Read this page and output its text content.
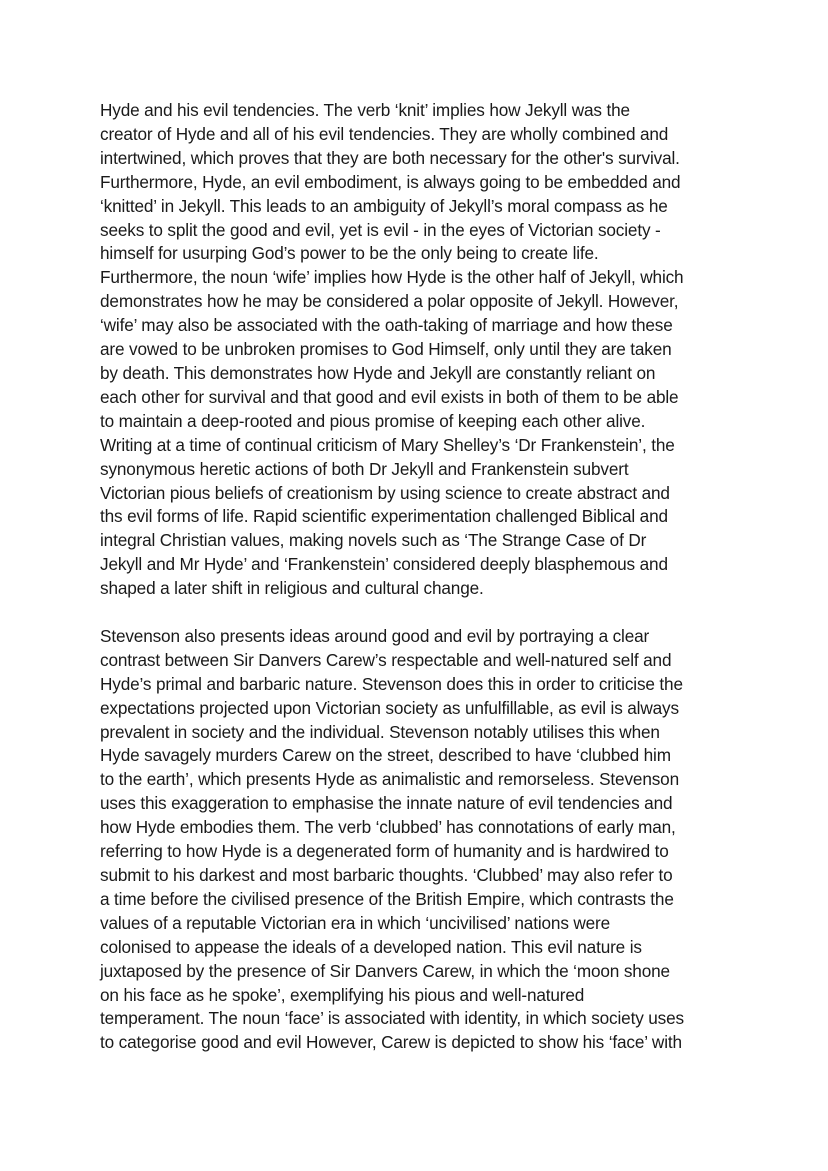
Hyde and his evil tendencies. The verb ‘knit’ implies how Jekyll was the
creator of Hyde and all of his evil tendencies. They are wholly combined and
intertwined, which proves that they are both necessary for the other's survival.
Furthermore, Hyde, an evil embodiment, is always going to be embedded and
‘knitted’ in Jekyll. This leads to an ambiguity of Jekyll’s moral compass as he
seeks to split the good and evil, yet is evil - in the eyes of Victorian society -
himself for usurping God’s power to be the only being to create life.
Furthermore, the noun ‘wife’ implies how Hyde is the other half of Jekyll, which
demonstrates how he may be considered a polar opposite of Jekyll. However,
‘wife’ may also be associated with the oath-taking of marriage and how these
are vowed to be unbroken promises to God Himself, only until they are taken
by death. This demonstrates how Hyde and Jekyll are constantly reliant on
each other for survival and that good and evil exists in both of them to be able
to maintain a deep-rooted and pious promise of keeping each other alive.
Writing at a time of continual criticism of Mary Shelley’s ‘Dr Frankenstein’, the
synonymous heretic actions of both Dr Jekyll and Frankenstein subvert
Victorian pious beliefs of creationism by using science to create abstract and
ths evil forms of life. Rapid scientific experimentation challenged Biblical and
integral Christian values, making novels such as ‘The Strange Case of Dr
Jekyll and Mr Hyde’ and ‘Frankenstein’ considered deeply blasphemous and
shaped a later shift in religious and cultural change.

Stevenson also presents ideas around good and evil by portraying a clear
contrast between Sir Danvers Carew’s respectable and well-natured self and
Hyde’s primal and barbaric nature. Stevenson does this in order to criticise the
expectations projected upon Victorian society as unfulfillable, as evil is always
prevalent in society and the individual. Stevenson notably utilises this when
Hyde savagely murders Carew on the street, described to have ‘clubbed him
to the earth’, which presents Hyde as animalistic and remorseless. Stevenson
uses this exaggeration to emphasise the innate nature of evil tendencies and
how Hyde embodies them. The verb ‘clubbed’ has connotations of early man,
referring to how Hyde is a degenerated form of humanity and is hardwired to
submit to his darkest and most barbaric thoughts. ‘Clubbed’ may also refer to
a time before the civilised presence of the British Empire, which contrasts the
values of a reputable Victorian era in which ‘uncivilised’ nations were
colonised to appease the ideals of a developed nation. This evil nature is
juxtaposed by the presence of Sir Danvers Carew, in which the ‘moon shone
on his face as he spoke’, exemplifying his pious and well-natured
temperament. The noun ‘face’ is associated with identity, in which society uses
to categorise good and evil However, Carew is depicted to show his ‘face’ with
